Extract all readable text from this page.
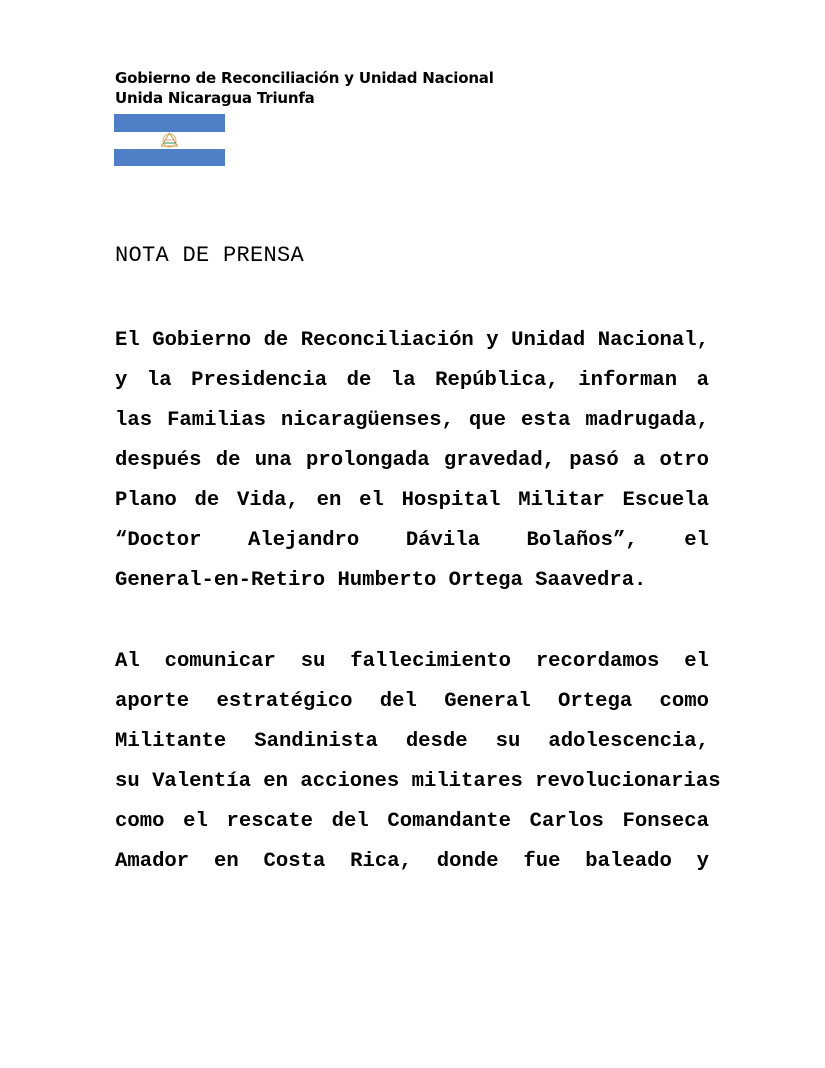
Gobierno de Reconciliación y Unidad Nacional
Unida Nicaragua Triunfa
NOTA DE PRENSA
El Gobierno de Reconciliación y Unidad Nacional,
y la Presidencia de la República, informan a
las Familias nicaragüenses, que esta madrugada,
después de una prolongada gravedad, pasó a otro
Plano de Vida, en el Hospital Militar Escuela
“Doctor Alejandro Dávila Bolaños”, el
General-en-Retiro Humberto Ortega Saavedra.
Al comunicar su fallecimiento recordamos el
aporte estratégico del General Ortega como
Militante Sandinista desde su adolescencia,
su Valentía en acciones militares revolucionarias
como el rescate del Comandante Carlos Fonseca
Amador en Costa Rica, donde fue baleado y
